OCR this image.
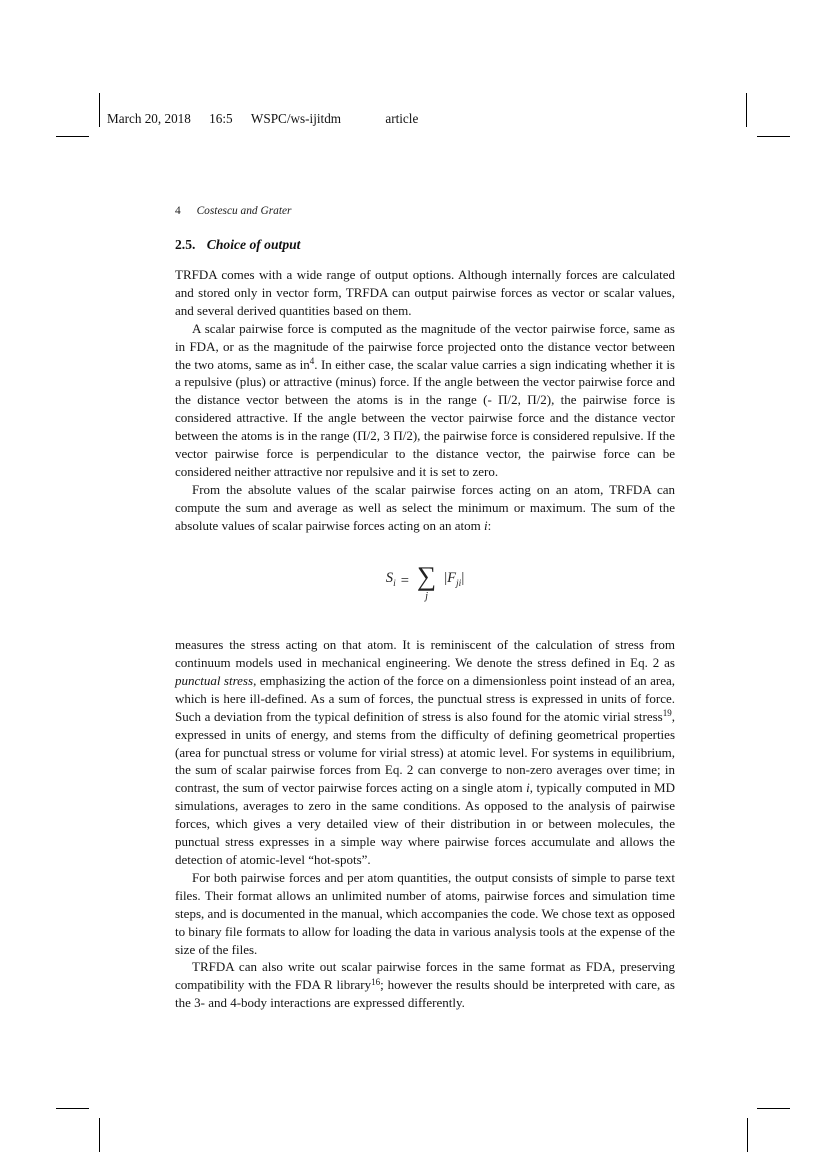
March 20, 2018 16:5 WSPC/ws-ijitdm	article
4 Costescu and Grater
2.5. Choice of output

TRFDA comes with a wide range of output options. Although internally forces are calculated and stored only in vector form, TRFDA can output pairwise forces as vector or scalar values, and several derived quantities based on them.

A scalar pairwise force is computed as the magnitude of the vector pairwise force, same as in FDA, or as the magnitude of the pairwise force projected onto the distance vector between the two atoms, same as $in^4$. In either case, the scalar value carries a sign indicating whether it is a repulsive (plus) or attractive (minus) force. If the angle between the vector pairwise force and the distance vector between the atoms is in the range (- Π/2, Π/2), the pairwise force is considered attractive. If the angle between the vector pairwise force and the distance vector between the atoms is in the range (Π/2, 3 Π/2), the pairwise force is considered repulsive. If the vector pairwise force is perpendicular to the distance vector, the pairwise force can be considered neither attractive nor repulsive and it is set to zero.

From the absolute values of the scalar pairwise forces acting on an atom, TRFDA can compute the sum and average as well as select the minimum or maximum. The sum of the absolute values of scalar pairwise forces acting on an atom i:

$S_i$ = ∑
j
$|F_{ji}|$

measures the stress acting on that atom. It is reminiscent of the calculation of stress from continuum models used in mechanical engineering. We denote the stress defined in Eq. 2 as punctual stress, emphasizing the action of the force on a dimensionless point instead of an area, which is here ill-defined. As a sum of forces, the punctual stress is expressed in units of force. Such a deviation from the typical definition of stress is also found for the atomic virial stress$^{19}$, expressed in units of energy, and stems from the difficulty of defining geometrical properties (area for punctual stress or volume for virial stress) at atomic level. For systems in equilibrium, the sum of scalar pairwise forces from Eq. 2 can converge to non-zero averages over time; in contrast, the sum of vector pairwise forces acting on a single atom i, typically computed in MD simulations, averages to zero in the same conditions. As opposed to the analysis of pairwise forces, which gives a very detailed view of their distribution in or between molecules, the punctual stress expresses in a simple way where pairwise forces accumulate and allows the detection of atomic-level “hot-spots”.

For both pairwise forces and per atom quantities, the output consists of simple to parse text files. Their format allows an unlimited number of atoms, pairwise forces and simulation time steps, and is documented in the manual, which accompanies the code. We chose text as opposed to binary file formats to allow for loading the data in various analysis tools at the expense of the size of the files.

TRFDA can also write out scalar pairwise forces in the same format as FDA, preserving compatibility with the FDA R library$^{16}$; however the results should be interpreted with care, as the 3- and 4-body interactions are expressed differently.
